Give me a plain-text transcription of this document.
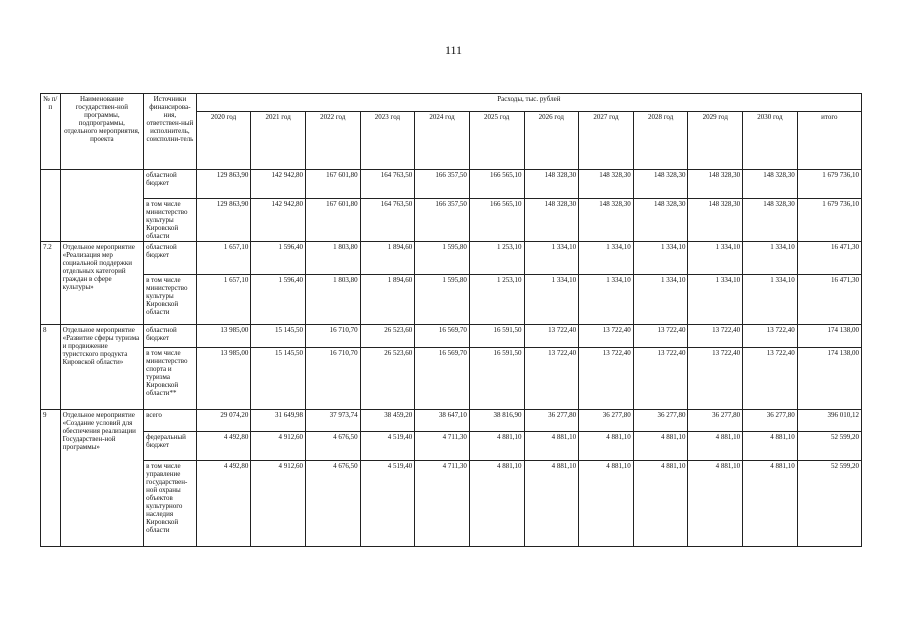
111
№ п/п	Наименование государствен-ной программы, подпрограммы, отдельного мероприятия, проекта	Источники финансирова-ния, ответствен-ный исполнитель, соисполни-тель	Расходы, тыс. рублей											
			2020 год	2021 год	2022 год	2023 год	2024 год	2025 год	2026 год	2027 год	2028 год	2029 год	2030 год	итого
		областной бюджет	129 863,90	142 942,80	167 601,80	164 763,50	166 357,50	166 565,10	148 328,30	148 328,30	148 328,30	148 328,30	148 328,30	1 679 736,10
		в том числе министерство культуры Кировской области	129 863,90	142 942,80	167 601,80	164 763,50	166 357,50	166 565,10	148 328,30	148 328,30	148 328,30	148 328,30	148 328,30	1 679 736,10
7.2	Отдельное мероприятие «Реализация мер социальной поддержки отдельных категорий граждан в сфере культуры»	областной бюджет	1 657,10	1 596,40	1 803,80	1 894,60	1 595,80	1 253,10	1 334,10	1 334,10	1 334,10	1 334,10	1 334,10	16 471,30
		в том числе министерство культуры Кировской области	1 657,10	1 596,40	1 803,80	1 894,60	1 595,80	1 253,10	1 334,10	1 334,10	1 334,10	1 334,10	1 334,10	16 471,30
8	Отдельное мероприятие «Развитие сферы туризма и продвижение туристского продукта Кировской области»	областной бюджет	13 985,00	15 145,50	16 710,70	26 523,60	16 569,70	16 591,50	13 722,40	13 722,40	13 722,40	13 722,40	13 722,40	174 138,00
		в том числе министерство спорта и туризма Кировской области**	13 985,00	15 145,50	16 710,70	26 523,60	16 569,70	16 591,50	13 722,40	13 722,40	13 722,40	13 722,40	13 722,40	174 138,00
9	Отдельное мероприятие «Создание условий для обеспечения реализации Государствен-ной программы»	всего	29 074,20	31 649,98	37 973,74	38 459,20	38 647,10	38 816,90	36 277,80	36 277,80	36 277,80	36 277,80	36 277,80	396 010,12
		федеральный бюджет	4 492,80	4 912,60	4 676,50	4 519,40	4 711,30	4 881,10	4 881,10	4 881,10	4 881,10	4 881,10	4 881,10	52 599,20
		в том числе управление государствен-ной охраны объектов культурного наследия Кировской области	4 492,80	4 912,60	4 676,50	4 519,40	4 711,30	4 881,10	4 881,10	4 881,10	4 881,10	4 881,10	4 881,10	52 599,20
